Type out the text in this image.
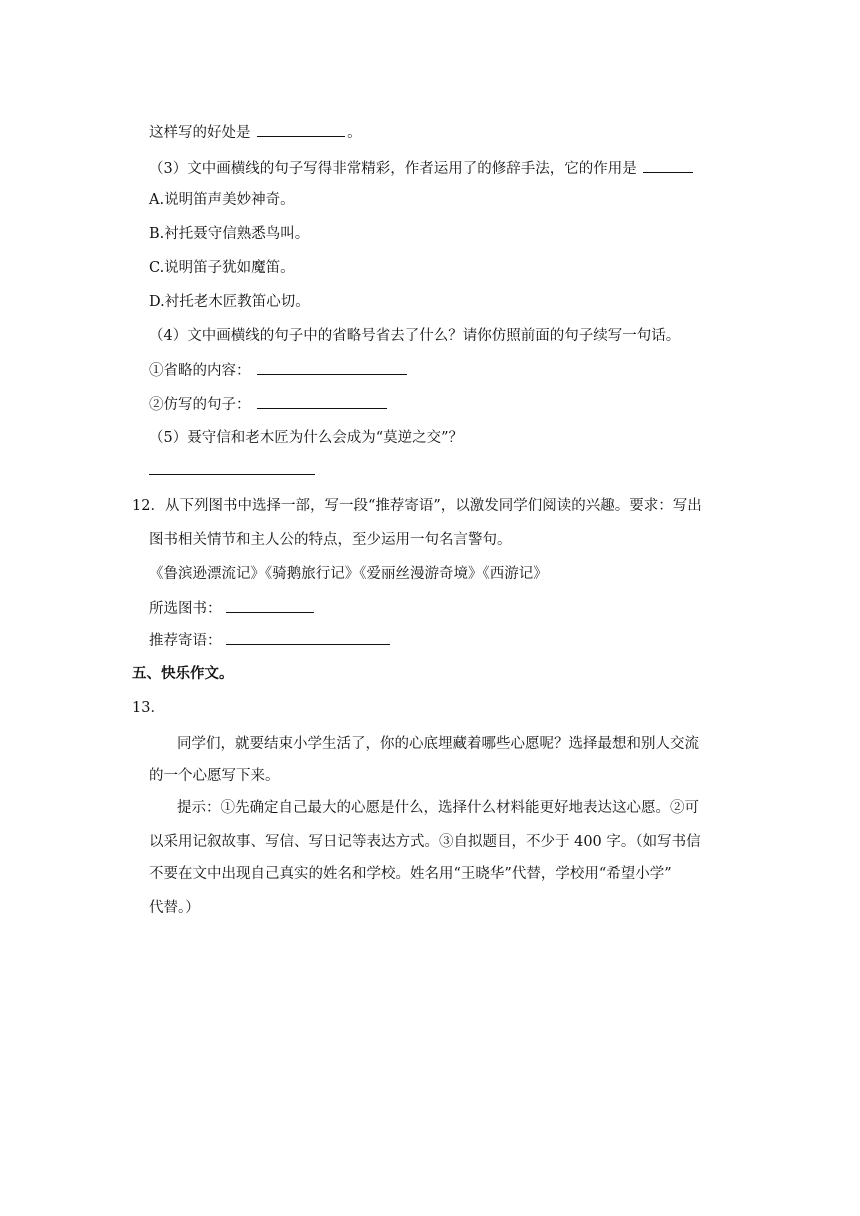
这样写的好处是	。
（3）文中画横线的句子写得非常精彩，作者运用了的修辞手法，它的作用是
A.说明笛声美妙神奇。
B.衬托聂守信熟悉鸟叫。
C.说明笛子犹如魔笛。
D.衬托老木匠教笛心切。
（4）文中画横线的句子中的省略号省去了什么？请你仿照前面的句子续写一句话。
①省略的内容：
②仿写的句子：
（5）聂守信和老木匠为什么会成为“莫逆之交”？
12．从下列图书中选择一部，写一段“推荐寄语”，以激发同学们阅读的兴趣。要求：写出
图书相关情节和主人公的特点，至少运用一句名言警句。
《鲁滨逊漂流记》《骑鹅旅行记》《爱丽丝漫游奇境》《西游记》
所选图书：
推荐寄语：
五、快乐作文。
13．
同学们，就要结束小学生活了，你的心底埋藏着哪些心愿呢？选择最想和别人交流
的一个心愿写下来。
提示：①先确定自己最大的心愿是什么，选择什么材料能更好地表达这心愿。②可
以采用记叙故事、写信、写日记等表达方式。③自拟题目，不少于 400 字。（如写书信
不要在文中出现自己真实的姓名和学校。姓名用“王晓华”代替，学校用“希望小学”
代替。）
